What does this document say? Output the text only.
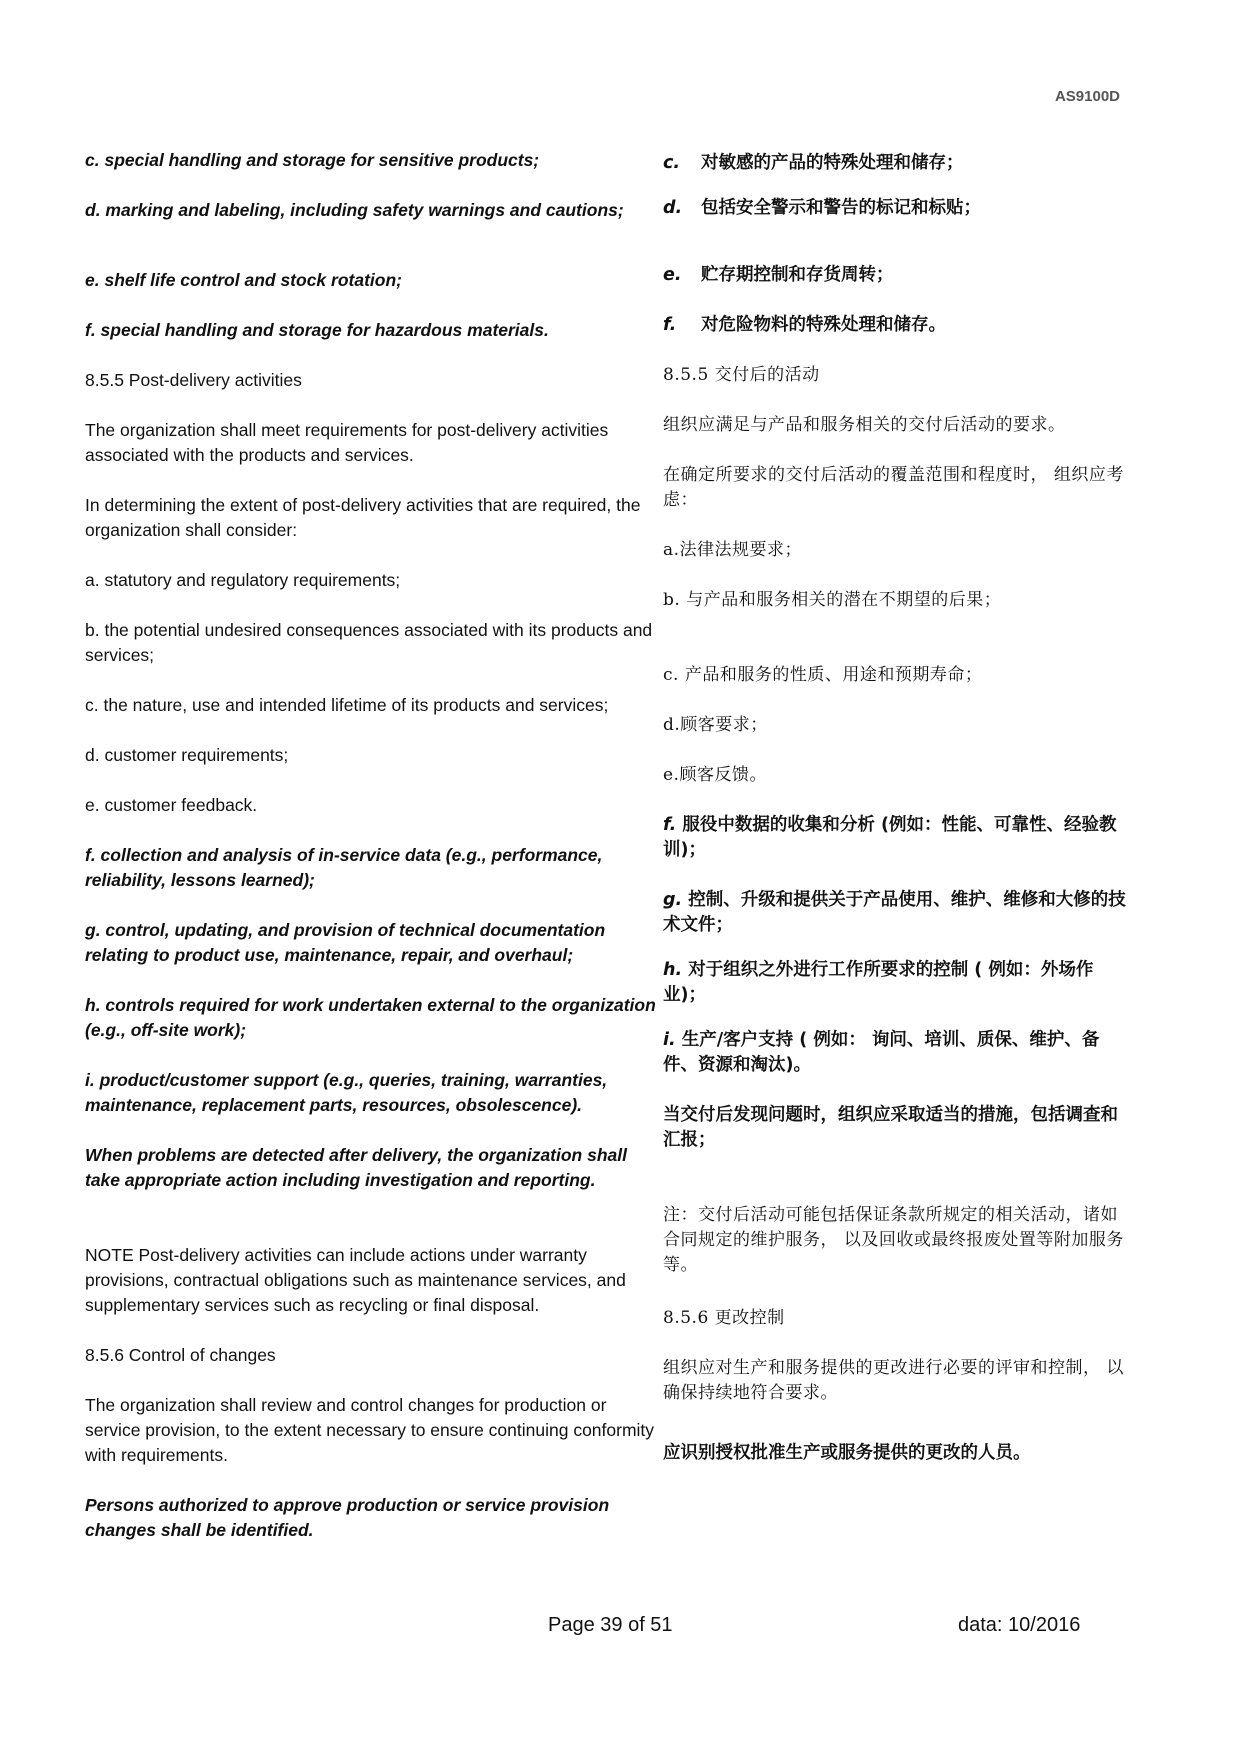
AS9100D

c. special handling and storage for sensitive products;

d. marking and labeling, including safety warnings and cautions;

e. shelf life control and stock rotation;

f. special handling and storage for hazardous materials.

8.5.5 Post-delivery activities

The organization shall meet requirements for post-delivery activities associated with the products and services.

In determining the extent of post-delivery activities that are required, the organization shall consider:

a. statutory and regulatory requirements;

b. the potential undesired consequences associated with its products and services;

c. the nature, use and intended lifetime of its products and services;

d. customer requirements;

e. customer feedback.

f. collection and analysis of in-service data (e.g., performance, reliability, lessons learned);

g. control, updating, and provision of technical documentation relating to product use, maintenance, repair, and overhaul;

h. controls required for work undertaken external to the organization (e.g., off-site work);

i. product/customer support (e.g., queries, training, warranties, maintenance, replacement parts, resources, obsolescence).

When problems are detected after delivery, the organization shall take appropriate action including investigation and reporting.

NOTE Post-delivery activities can include actions under warranty provisions, contractual obligations such as maintenance services, and supplementary services such as recycling or final disposal.

8.5.6 Control of changes

The organization shall review and control changes for production or service provision, to the extent necessary to ensure continuing conformity with requirements.

Persons authorized to approve production or service provision changes shall be identified.

c. 对敏感的产品的特殊处理和储存；

d. 包括安全警示和警告的标记和标贴；

e. 贮存期控制和存货周转；

f. 对危险物料的特殊处理和储存。

8.5.5 交付后的活动

组织应满足与产品和服务相关的交付后活动的要求。

在确定所要求的交付后活动的覆盖范围和程度时， 组织应考虑：

a.法律法规要求；

b. 与产品和服务相关的潜在不期望的后果；

c. 产品和服务的性质、用途和预期寿命；

d.顾客要求；

e.顾客反馈。

f. 服役中数据的收集和分析 (例如：性能、可靠性、经验教训)；

g. 控制、升级和提供关于产品使用、维护、维修和大修的技术文件；

h. 对于组织之外进行工作所要求的控制 ( 例如：外场作业)；

i. 生产/客户支持 ( 例如： 询问、培训、质保、维护、备件、资源和淘汰)。

当交付后发现问题时，组织应采取适当的措施，包括调查和汇报；

注：交付后活动可能包括保证条款所规定的相关活动，诸如合同规定的维护服务， 以及回收或最终报废处置等附加服务等。

8.5.6 更改控制

组织应对生产和服务提供的更改进行必要的评审和控制， 以确保持续地符合要求。

应识别授权批准生产或服务提供的更改的人员。

Page 39 of 51	data: 10/2016
